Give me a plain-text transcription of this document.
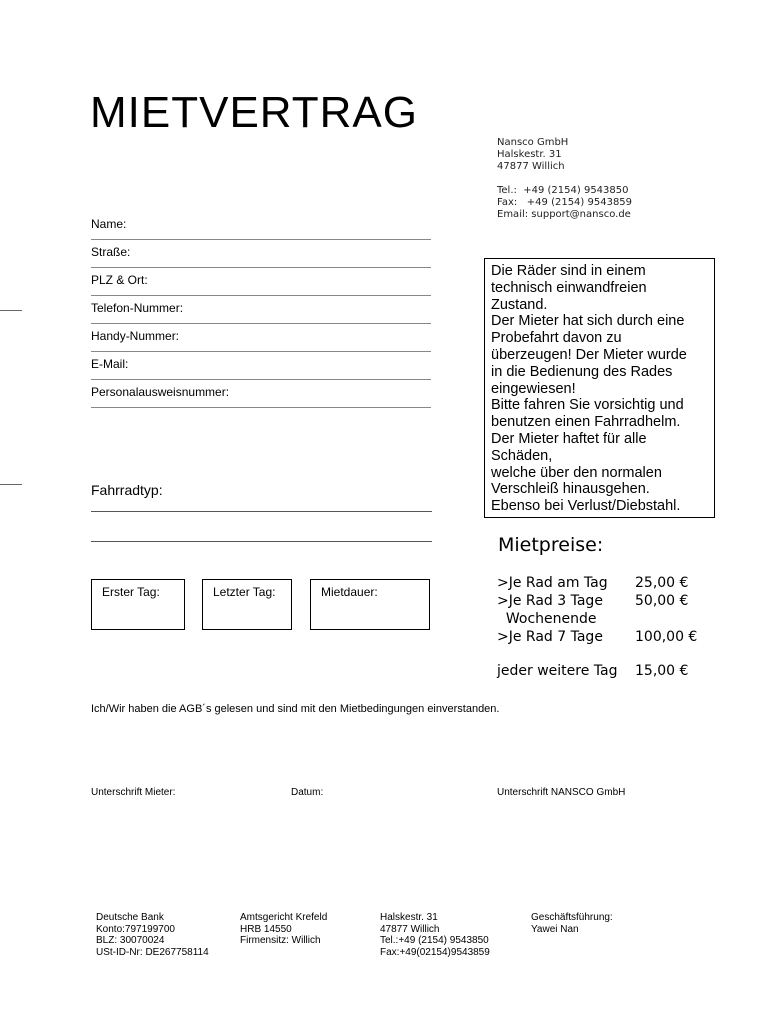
MIETVERTRAG
Nansco GmbH
Halskestr. 31
47877 Willich
Tel.:  +49 (2154) 9543850
Fax:   +49 (2154) 9543859
Email: support@nansco.de
Name:
Straße:
PLZ & Ort:
Telefon-Nummer:
Handy-Nummer:
E-Mail:
Personalausweisnummer:
Die Räder sind in einem
technisch einwandfreien
Zustand.
Der Mieter hat sich durch eine
Probefahrt davon zu
überzeugen! Der Mieter wurde
in die Bedienung des Rades
eingewiesen!
Bitte fahren Sie vorsichtig und
benutzen einen Fahrradhelm.
Der Mieter haftet für alle
Schäden,
welche über den normalen
Verschleiß hinausgehen.
Ebenso bei Verlust/Diebstahl.
Fahrradtyp:
Erster Tag:	Letzter Tag:	Mietdauer:
Mietpreise:
>Je Rad am Tag 25,00 €
>Je Rad 3 Tage 50,00 €
Wochenende
>Je Rad 7 Tage 100,00 €
jeder weitere Tag 15,00 €
Ich/Wir haben die AGB´s gelesen und sind mit den Mietbedingungen einverstanden.
Unterschrift Mieter:	Datum:	Unterschrift NANSCO GmbH
Deutsche Bank
Konto:797199700
BLZ: 30070024
USt-ID-Nr: DE267758114
Amtsgericht Krefeld
HRB 14550
Firmensitz: Willich
Halskestr. 31
47877 Willich
Tel.:+49 (2154) 9543850
Fax:+49(02154)9543859
Geschäftsführung:
Yawei Nan
